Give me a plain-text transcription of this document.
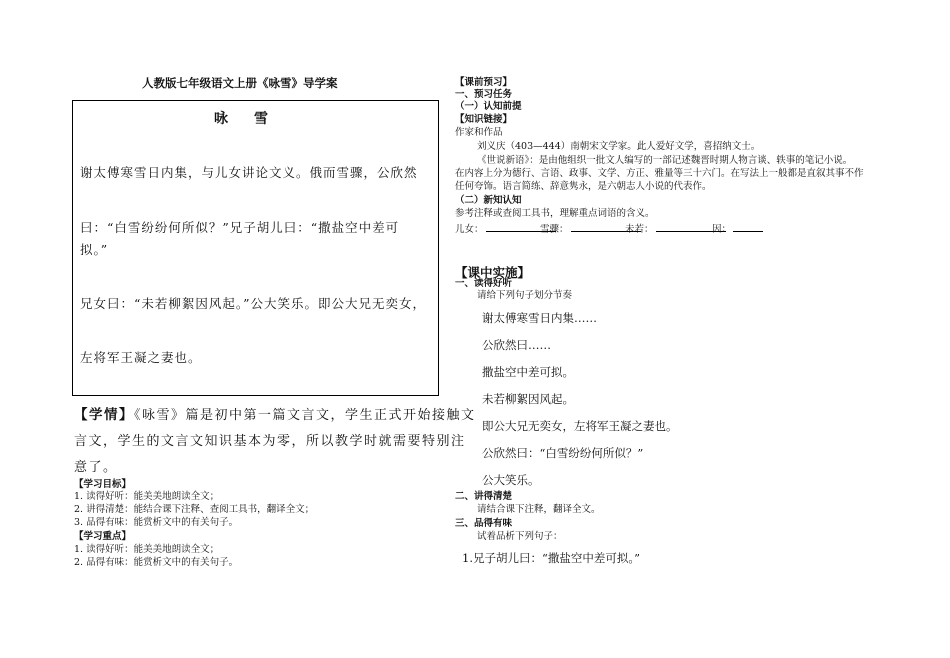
人教版七年级语文上册《咏雪》导学案
咏雪
谢太傅寒雪日内集，与儿女讲论文义。俄而雪骤，公欣然
曰：“白雪纷纷何所似？”兄子胡儿曰：“撒盐空中差可
拟。”
兄女曰：“未若柳絮因风起。”公大笑乐。即公大兄无奕女，
左将军王凝之妻也。
【学情】《咏雪》篇是初中第一篇文言文，学生正式开始接触文
言文，学生的文言文知识基本为零，所以教学时就需要特别注
意了。
【学习目标】
1. 读得好听：能美美地朗读全文；
2. 讲得清楚：能结合课下注释、查阅工具书，翻译全文；
3. 品得有味：能赏析文中的有关句子。
【学习重点】
1. 读得好听：能美美地朗读全文；
2. 品得有味：能赏析文中的有关句子。
【课前预习】
一、预习任务
（一）认知前提
【知识链接】
作家和作品
刘义庆（403—444）南朝宋文学家。此人爱好文学，喜招纳文士。
《世说新语》：是由他组织一批文人编写的一部记述魏晋时期人物言谈、轶事的笔记小说。
在内容上分为德行、言语、政事、文学、方正、雅量等三十六门。在写法上一般都是直叙其事不作
任何夸饰。语言简练、辞意隽永，是六朝志人小说的代表作。
（二）新知认知
参考注释或查阅工具书，理解重点词语的含义。
儿女：	雪骤：	未若：	因：
【课中实施】
一、读得好听
请给下列句子划分节奏
谢太傅寒雪日内集……
公欣然曰……
撒盐空中差可拟。
未若柳絮因风起。
即公大兄无奕女，左将军王凝之妻也。
公欣然曰：“白雪纷纷何所似？”
公大笑乐。
二、讲得清楚
请结合课下注释，翻译全文。
三、品得有味
试着品析下列句子：
1.兄子胡儿曰：“撒盐空中差可拟。”
